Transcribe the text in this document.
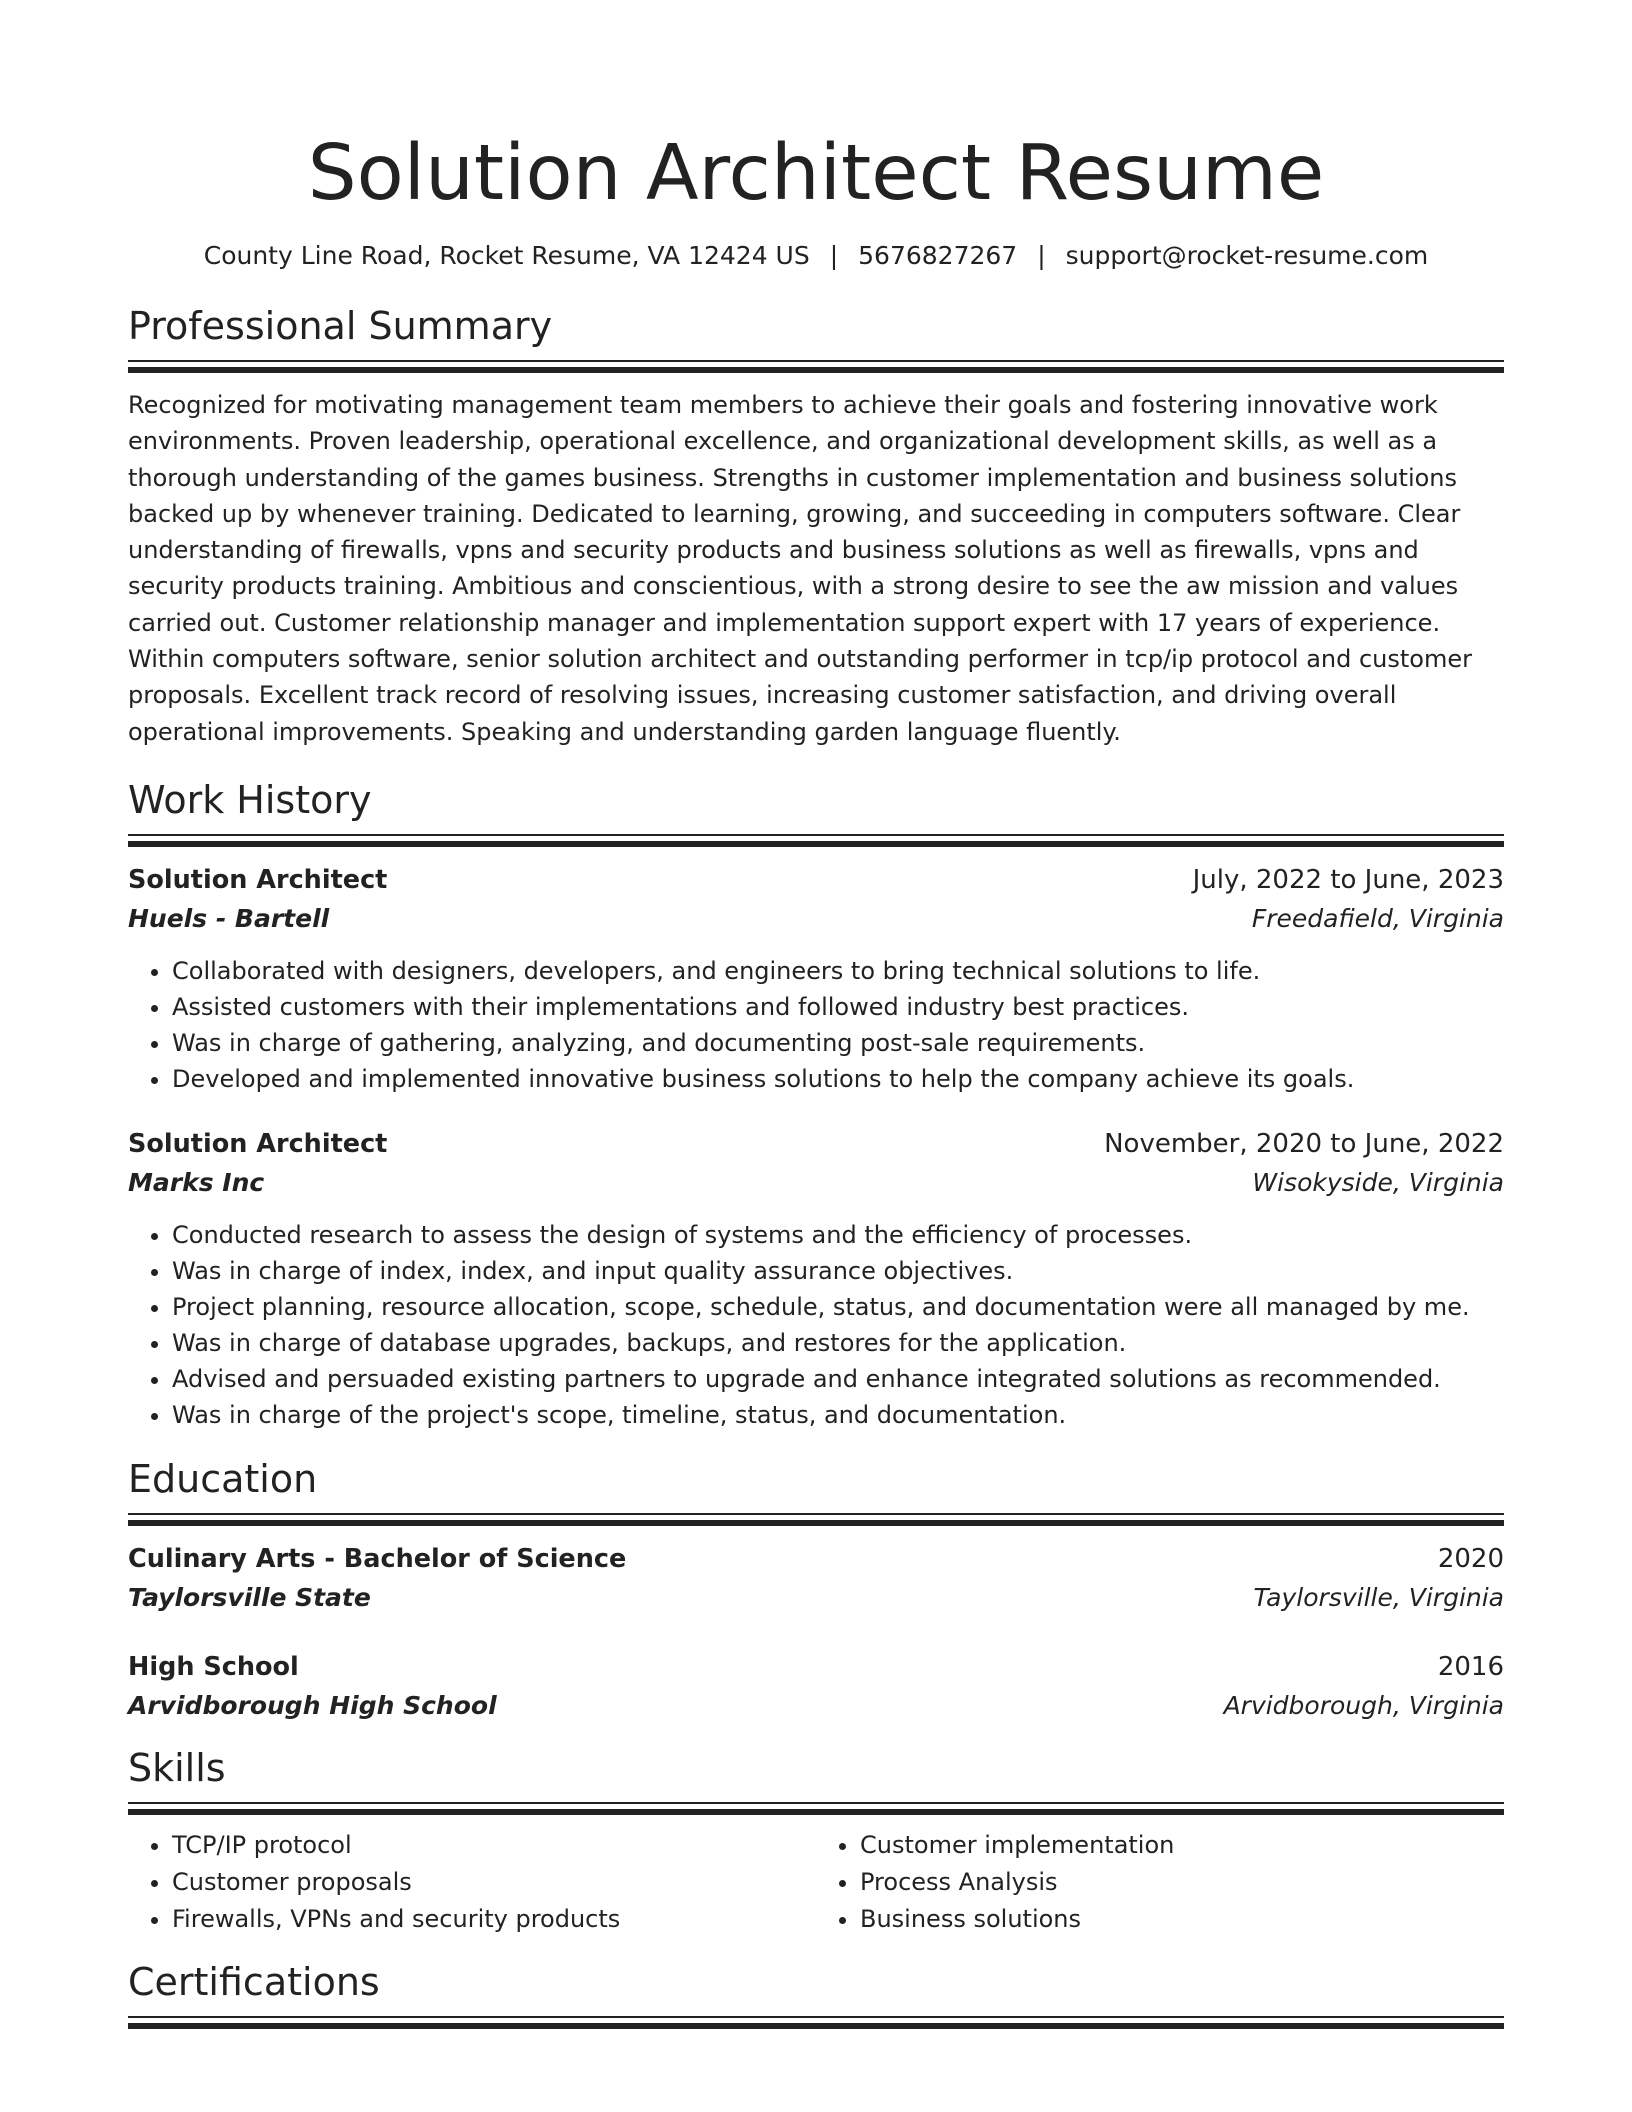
Solution Architect Resume
County Line Road, Rocket Resume, VA 12424 US | 5676827267 | support@rocket-resume.com
Professional Summary
Recognized for motivating management team members to achieve their goals and fostering innovative work environments. Proven leadership, operational excellence, and organizational development skills, as well as a thorough understanding of the games business. Strengths in customer implementation and business solutions backed up by whenever training. Dedicated to learning, growing, and succeeding in computers software. Clear understanding of firewalls, vpns and security products and business solutions as well as firewalls, vpns and security products training. Ambitious and conscientious, with a strong desire to see the aw mission and values carried out. Customer relationship manager and implementation support expert with 17 years of experience. Within computers software, senior solution architect and outstanding performer in tcp/ip protocol and customer proposals. Excellent track record of resolving issues, increasing customer satisfaction, and driving overall operational improvements. Speaking and understanding garden language fluently.
Work History
Solution Architect	July, 2022 to June, 2023
Huels - Bartell	Freedafield, Virginia
• Collaborated with designers, developers, and engineers to bring technical solutions to life.
• Assisted customers with their implementations and followed industry best practices.
• Was in charge of gathering, analyzing, and documenting post-sale requirements.
• Developed and implemented innovative business solutions to help the company achieve its goals.
Solution Architect	November, 2020 to June, 2022
Marks Inc	Wisokyside, Virginia
• Conducted research to assess the design of systems and the efficiency of processes.
• Was in charge of index, index, and input quality assurance objectives.
• Project planning, resource allocation, scope, schedule, status, and documentation were all managed by me.
• Was in charge of database upgrades, backups, and restores for the application.
• Advised and persuaded existing partners to upgrade and enhance integrated solutions as recommended.
• Was in charge of the project's scope, timeline, status, and documentation.
Education
Culinary Arts - Bachelor of Science	2020
Taylorsville State	Taylorsville, Virginia
High School	2016
Arvidborough High School	Arvidborough, Virginia
Skills
• TCP/IP protocol
• Customer proposals
• Firewalls, VPNs and security products
• Customer implementation
• Process Analysis
• Business solutions
Certifications
